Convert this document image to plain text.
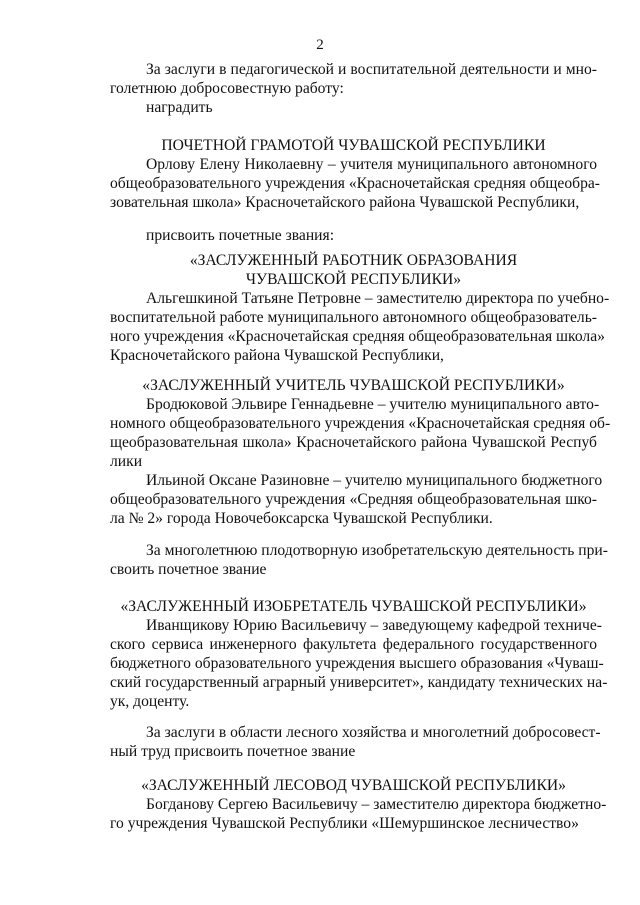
2
За заслуги в педагогической и воспитательной деятельности и мно-
голетнюю добросовестную работу:
наградить
ПОЧЕТНОЙ ГРАМОТОЙ ЧУВАШСКОЙ РЕСПУБЛИКИ
Орлову Елену Николаевну – учителя муниципального автономного
общеобразовательного учреждения «Красночетайская средняя общеобра-
зовательная школа» Красночетайского района Чувашской Республики,
присвоить почетные звания:
«ЗАСЛУЖЕННЫЙ РАБОТНИК ОБРАЗОВАНИЯ
ЧУВАШСКОЙ РЕСПУБЛИКИ»
Альгешкиной Татьяне Петровне – заместителю директора по учебно-
воспитательной работе муниципального автономного общеобразователь-
ного учреждения «Красночетайская средняя общеобразовательная школа»
Красночетайского района Чувашской Республики,
«ЗАСЛУЖЕННЫЙ УЧИТЕЛЬ ЧУВАШСКОЙ РЕСПУБЛИКИ»
Бродюковой Эльвире Геннадьевне – учителю муниципального авто-
номного общеобразовательного учреждения «Красночетайская средняя об-
щеобразовательная школа» Красночетайского района Чувашской Респуб
лики
Ильиной Оксане Разиновне – учителю муниципального бюджетного
общеобразовательного учреждения «Средняя общеобразовательная шко-
ла № 2» города Новочебоксарска Чувашской Республики.
За многолетнюю плодотворную изобретательскую деятельность при-
своить почетное звание
«ЗАСЛУЖЕННЫЙ ИЗОБРЕТАТЕЛЬ ЧУВАШСКОЙ РЕСПУБЛИКИ»
Иванщикову Юрию Васильевичу – заведующему кафедрой техниче-
ского сервиса инженерного факультета федерального государственного
бюджетного образовательного учреждения высшего образования «Чуваш-
ский государственный аграрный университет», кандидату технических на-
ук, доценту.
За заслуги в области лесного хозяйства и многолетний добросовест-
ный труд присвоить почетное звание
«ЗАСЛУЖЕННЫЙ ЛЕСОВОД ЧУВАШСКОЙ РЕСПУБЛИКИ»
Богданову Сергею Васильевичу – заместителю директора бюджетно-
го учреждения Чувашской Республики «Шемуршинское лесничество»
